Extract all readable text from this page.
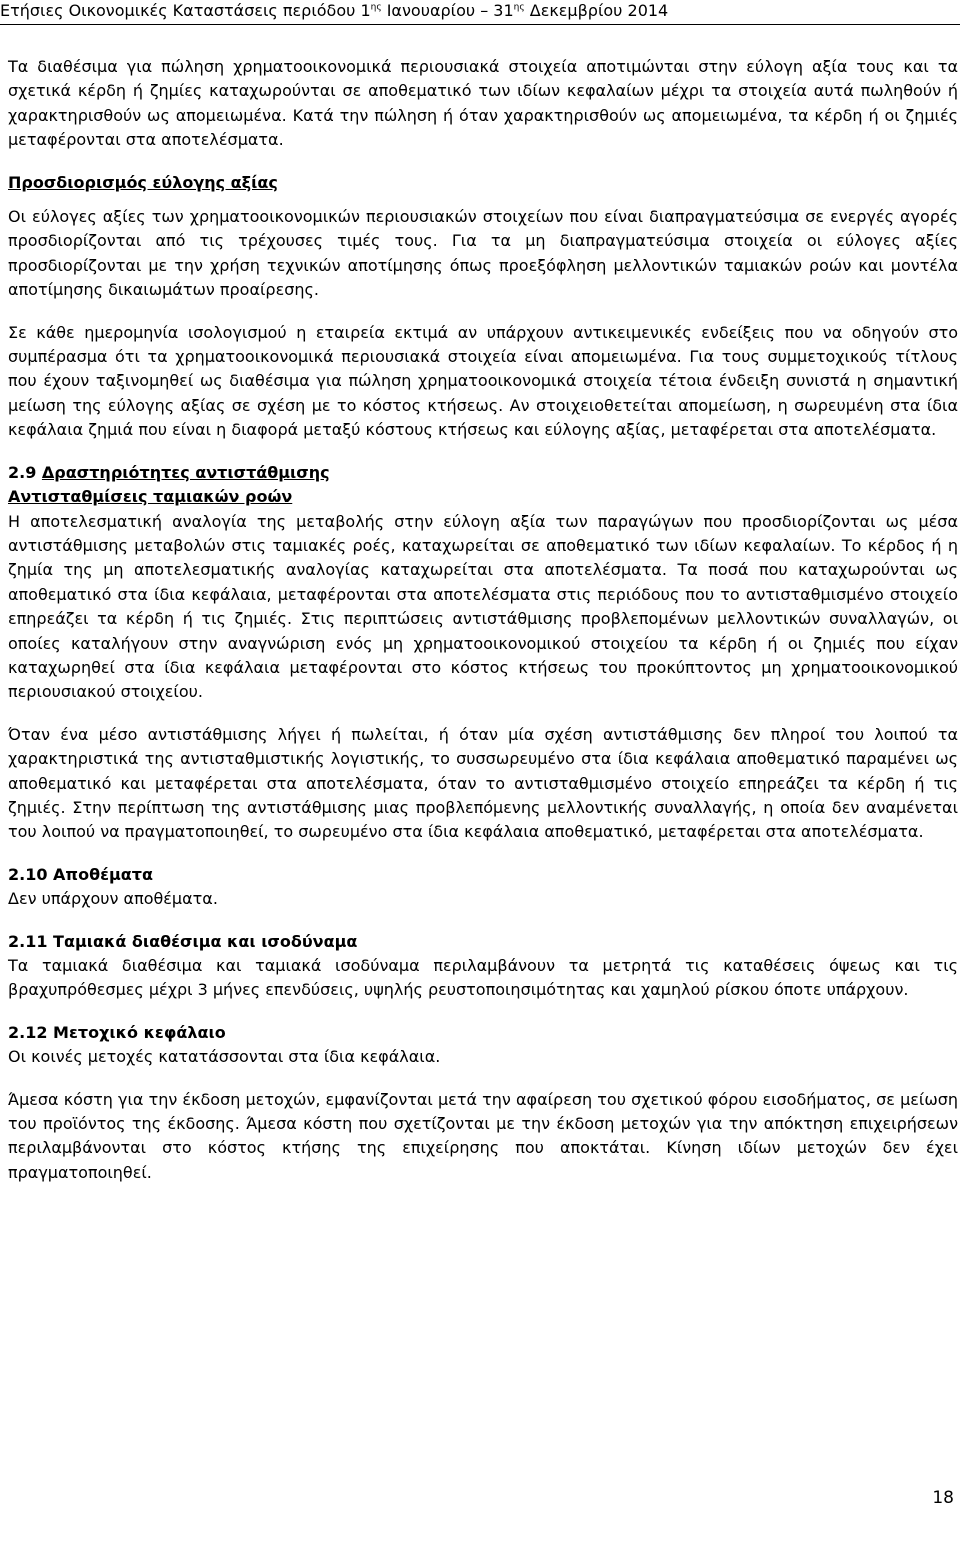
Ετήσιες Οικονομικές Καταστάσεις περιόδου $1^{\eta\varsigma}$ Ιανουαρίου – $31^{\eta\varsigma}$ Δεκεμβρίου 2014

Τα διαθέσιμα για πώληση χρηματοοικονομικά περιουσιακά στοιχεία αποτιμώνται στην εύλογη αξία τους και τα σχετικά κέρδη ή ζημίες καταχωρούνται σε αποθεματικό των ιδίων κεφαλαίων μέχρι τα στοιχεία αυτά πωληθούν ή χαρακτηρισθούν ως απομειωμένα. Κατά την πώληση ή όταν χαρακτηρισθούν ως απομειωμένα, τα κέρδη ή οι ζημιές μεταφέρονται στα αποτελέσματα.

Προσδιορισμός εύλογης αξίας

Οι εύλογες αξίες των χρηματοοικονομικών περιουσιακών στοιχείων που είναι διαπραγματεύσιμα σε ενεργές αγορές προσδιορίζονται από τις τρέχουσες τιμές τους. Για τα μη διαπραγματεύσιμα στοιχεία οι εύλογες αξίες προσδιορίζονται με την χρήση τεχνικών αποτίμησης όπως προεξόφληση μελλοντικών ταμιακών ροών και μοντέλα αποτίμησης δικαιωμάτων προαίρεσης.

Σε κάθε ημερομηνία ισολογισμού η εταιρεία εκτιμά αν υπάρχουν αντικειμενικές ενδείξεις που να οδηγούν στο συμπέρασμα ότι τα χρηματοοικονομικά περιουσιακά στοιχεία είναι απομειωμένα. Για τους συμμετοχικούς τίτλους που έχουν ταξινομηθεί ως διαθέσιμα για πώληση χρηματοοικονομικά στοιχεία τέτοια ένδειξη συνιστά η σημαντική μείωση της εύλογης αξίας σε σχέση με το κόστος κτήσεως. Αν στοιχειοθετείται απομείωση, η σωρευμένη στα ίδια κεφάλαια ζημιά που είναι η διαφορά μεταξύ κόστους κτήσεως και εύλογης αξίας, μεταφέρεται στα αποτελέσματα.

2.9 Δραστηριότητες αντιστάθμισης
Αντισταθμίσεις ταμιακών ροών

Η αποτελεσματική αναλογία της μεταβολής στην εύλογη αξία των παραγώγων που προσδιορίζονται ως μέσα αντιστάθμισης μεταβολών στις ταμιακές ροές, καταχωρείται σε αποθεματικό των ιδίων κεφαλαίων. Το κέρδος ή η ζημία της μη αποτελεσματικής αναλογίας καταχωρείται στα αποτελέσματα. Τα ποσά που καταχωρούνται ως αποθεματικό στα ίδια κεφάλαια, μεταφέρονται στα αποτελέσματα στις περιόδους που το αντισταθμισμένο στοιχείο επηρεάζει τα κέρδη ή τις ζημιές. Στις περιπτώσεις αντιστάθμισης προβλεπομένων μελλοντικών συναλλαγών, οι οποίες καταλήγουν στην αναγνώριση ενός μη χρηματοοικονομικού στοιχείου τα κέρδη ή οι ζημιές που είχαν καταχωρηθεί στα ίδια κεφάλαια μεταφέρονται στο κόστος κτήσεως του προκύπτοντος μη χρηματοοικονομικού περιουσιακού στοιχείου.

Όταν ένα μέσο αντιστάθμισης λήγει ή πωλείται, ή όταν μία σχέση αντιστάθμισης δεν πληροί του λοιπού τα χαρακτηριστικά της αντισταθμιστικής λογιστικής, το συσσωρευμένο στα ίδια κεφάλαια αποθεματικό παραμένει ως αποθεματικό και μεταφέρεται στα αποτελέσματα, όταν το αντισταθμισμένο στοιχείο επηρεάζει τα κέρδη ή τις ζημιές. Στην περίπτωση της αντιστάθμισης μιας προβλεπόμενης μελλοντικής συναλλαγής, η οποία δεν αναμένεται του λοιπού να πραγματοποιηθεί, το σωρευμένο στα ίδια κεφάλαια αποθεματικό, μεταφέρεται στα αποτελέσματα.

2.10 Αποθέματα

Δεν υπάρχουν αποθέματα.

2.11 Ταμιακά διαθέσιμα και ισοδύναμα

Τα ταμιακά διαθέσιμα και ταμιακά ισοδύναμα περιλαμβάνουν τα μετρητά τις καταθέσεις όψεως και τις βραχυπρόθεσμες μέχρι 3 μήνες επενδύσεις, υψηλής ρευστοποιησιμότητας και χαμηλού ρίσκου όποτε υπάρχουν.

2.12 Μετοχικό κεφάλαιο

Οι κοινές μετοχές κατατάσσονται στα ίδια κεφάλαια.

Άμεσα κόστη για την έκδοση μετοχών, εμφανίζονται μετά την αφαίρεση του σχετικού φόρου εισοδήματος, σε μείωση του προϊόντος της έκδοσης. Άμεσα κόστη που σχετίζονται με την έκδοση μετοχών για την απόκτηση επιχειρήσεων περιλαμβάνονται στο κόστος κτήσης της επιχείρησης που αποκτάται. Κίνηση ιδίων μετοχών δεν έχει πραγματοποιηθεί.

18
